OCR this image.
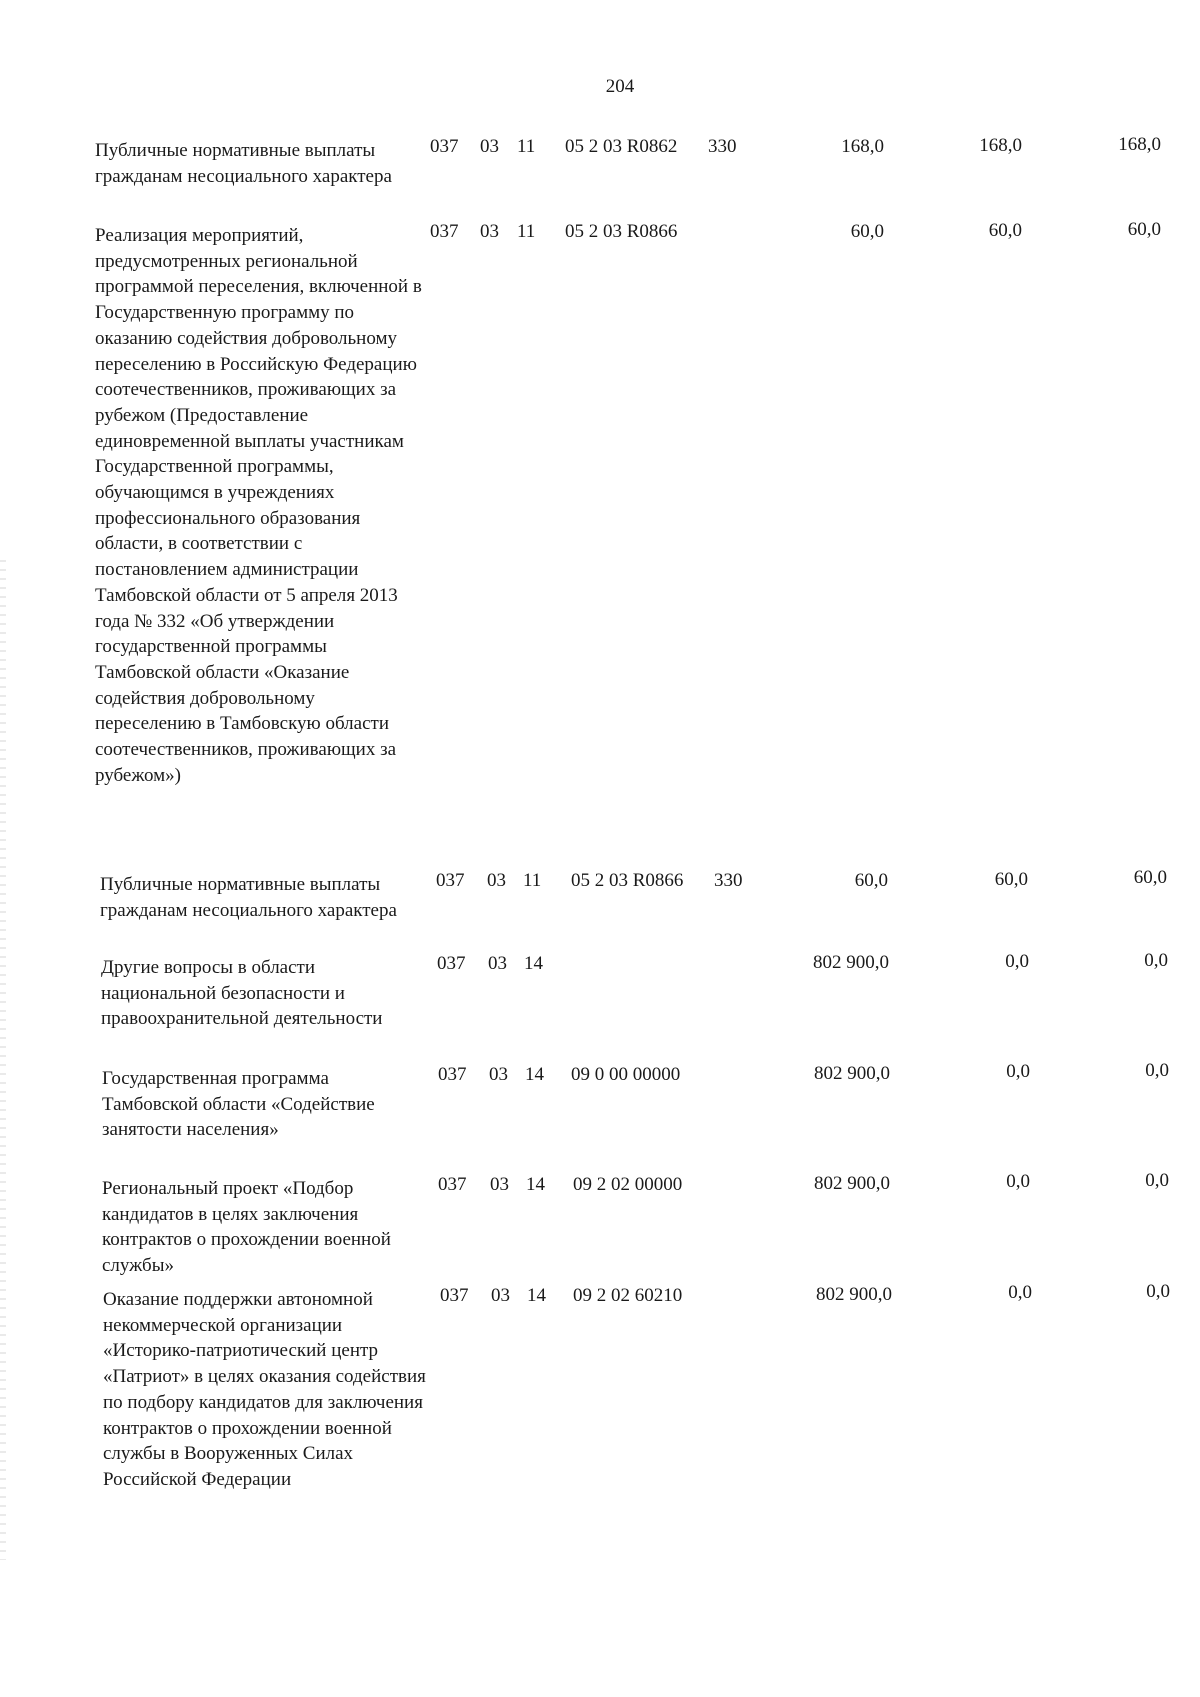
204
Публичные нормативные выплаты гражданам несоциального характера
037 03 11 05 2 03 R0862 330	168,0	168,0	168,0
Реализация мероприятий, предусмотренных региональной программой переселения, включенной в Государственную программу по оказанию содействия добровольному переселению в Российскую Федерацию соотечественников, проживающих за рубежом (Предоставление единовременной выплаты участникам Государственной программы, обучающимся в учреждениях профессионального образования области, в соответствии с постановлением администрации Тамбовской области от 5 апреля 2013 года № 332 «Об утверждении государственной программы Тамбовской области «Оказание содействия добровольному переселению в Тамбовскую области соотечественников, проживающих за рубежом»)
037 03 11 05 2 03 R0866	60,0	60,0	60,0
Публичные нормативные выплаты гражданам несоциального характера
037 03 11 05 2 03 R0866 330	60,0	60,0	60,0
Другие вопросы в области национальной безопасности и правоохранительной деятельности
037 03 14	802 900,0	0,0	0,0
Государственная программа Тамбовской области «Содействие занятости населения»
037 03 14 09 0 00 00000	802 900,0	0,0	0,0
Региональный проект «Подбор кандидатов в целях заключения контрактов о прохождении военной службы»
037 03 14 09 2 02 00000	802 900,0	0,0	0,0
Оказание поддержки автономной некоммерческой организации «Историко-патриотический центр «Патриот» в целях оказания содействия по подбору кандидатов для заключения контрактов о прохождении военной службы в Вооруженных Силах Российской Федерации
037 03 14 09 2 02 60210	802 900,0	0,0	0,0
